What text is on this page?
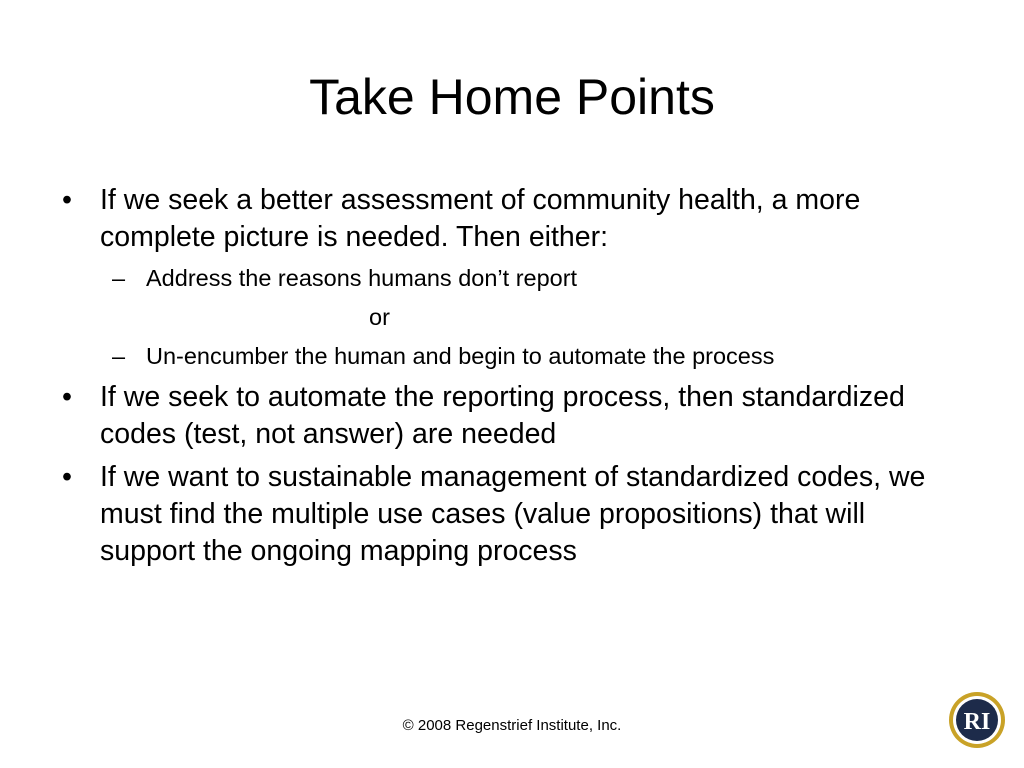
Take Home Points
• If we seek a better assessment of community health, a more complete picture is needed. Then either:
– Address the reasons humans don’t report
or
– Un-encumber the human and begin to automate the process
• If we seek to automate the reporting process, then standardized codes (test, not answer) are needed
• If we want to sustainable management of standardized codes, we must find the multiple use cases (value propositions) that will support the ongoing mapping process
© 2008 Regenstrief Institute, Inc.	RI
